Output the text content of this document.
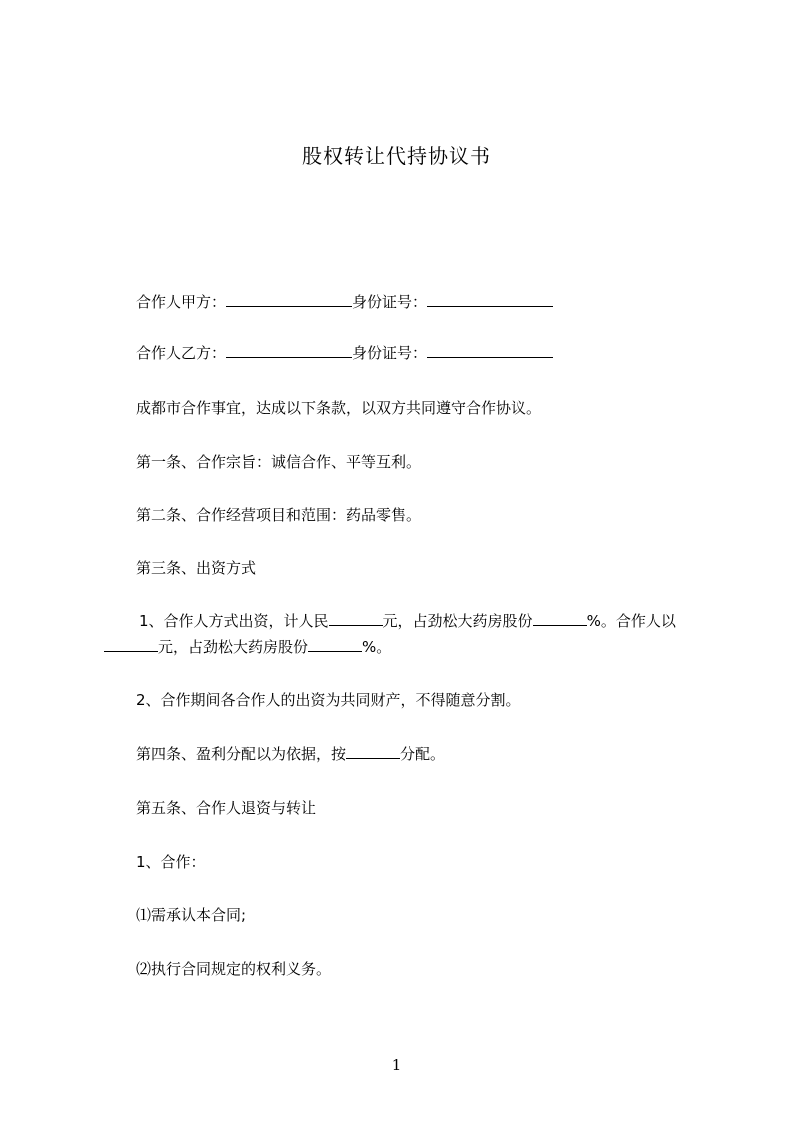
股权转让代持协议书
合作人甲方：	身份证号：
合作人乙方：	身份证号：
成都市合作事宜，达成以下条款，以双方共同遵守合作协议。
第一条、合作宗旨：诚信合作、平等互利。
第二条、合作经营项目和范围：药品零售。
第三条、出资方式
1、合作人方式出资，计人民	元，占劲松大药房股份	%。合作人以
元，占劲松大药房股份	%。
2、合作期间各合作人的出资为共同财产，不得随意分割。
第四条、盈利分配以为依据，按	分配。
第五条、合作人退资与转让
1、合作：
⑴需承认本合同;
⑵执行合同规定的权利义务。
1
